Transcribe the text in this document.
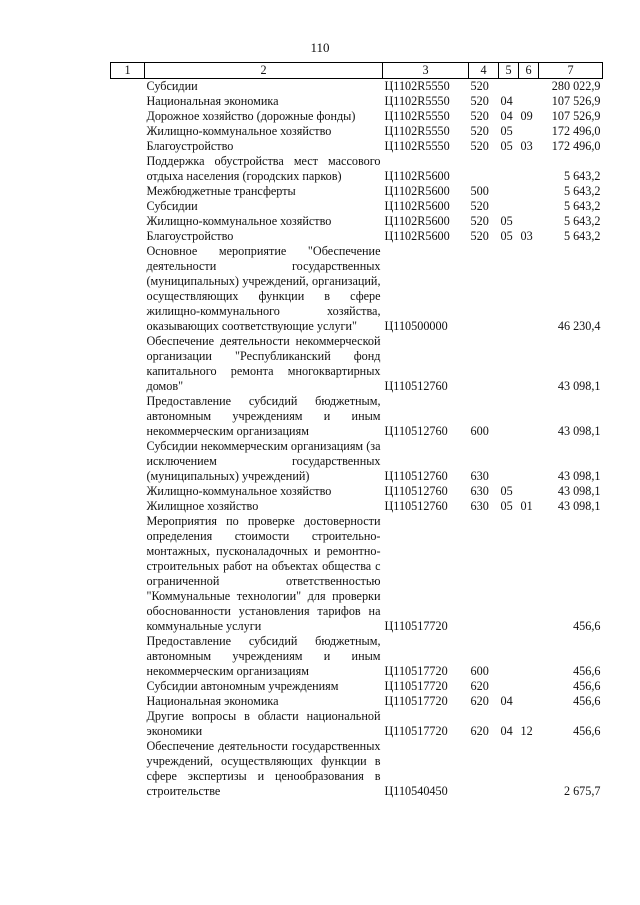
110
1	2	3	4	5	6	7
	Субсидии	Ц1102R5550	520			280 022,9
	Национальная экономика	Ц1102R5550	520	04		107 526,9
	Дорожное хозяйство (дорожные фонды)	Ц1102R5550	520	04	09	107 526,9
	Жилищно-коммунальное хозяйство	Ц1102R5550	520	05		172 496,0
	Благоустройство	Ц1102R5550	520	05	03	172 496,0
	Поддержка обустройства мест массового отдыха населения (городских парков)	Ц1102R5600				5 643,2
	Межбюджетные трансферты	Ц1102R5600	500			5 643,2
	Субсидии	Ц1102R5600	520			5 643,2
	Жилищно-коммунальное хозяйство	Ц1102R5600	520	05		5 643,2
	Благоустройство	Ц1102R5600	520	05	03	5 643,2
	Основное мероприятие "Обеспечение деятельности государственных (муниципальных) учреждений, организаций, осуществляющих функции в сфере жилищно-коммунального хозяйства, оказывающих соответствующие услуги"	Ц110500000				46 230,4
	Обеспечение деятельности некоммерческой организации "Республиканский фонд капитального ремонта многоквартирных домов"	Ц110512760				43 098,1
	Предоставление субсидий бюджетным, автономным учреждениям и иным некоммерческим организациям	Ц110512760	600			43 098,1
	Субсидии некоммерческим организациям (за исключением государственных (муниципальных) учреждений)	Ц110512760	630			43 098,1
	Жилищно-коммунальное хозяйство	Ц110512760	630	05		43 098,1
	Жилищное хозяйство	Ц110512760	630	05	01	43 098,1
	Мероприятия по проверке достоверности определения стоимости строительно-монтажных, пусконаладочных и ремонтно-строительных работ на объектах общества с ограниченной ответственностью "Коммунальные технологии" для проверки обоснованности установления тарифов на коммунальные услуги	Ц110517720				456,6
	Предоставление субсидий бюджетным, автономным учреждениям и иным некоммерческим организациям	Ц110517720	600			456,6
	Субсидии автономным учреждениям	Ц110517720	620			456,6
	Национальная экономика	Ц110517720	620	04		456,6
	Другие вопросы в области национальной экономики	Ц110517720	620	04	12	456,6
	Обеспечение деятельности государственных учреждений, осуществляющих функции в сфере экспертизы и ценообразования в строительстве	Ц110540450				2 675,7
